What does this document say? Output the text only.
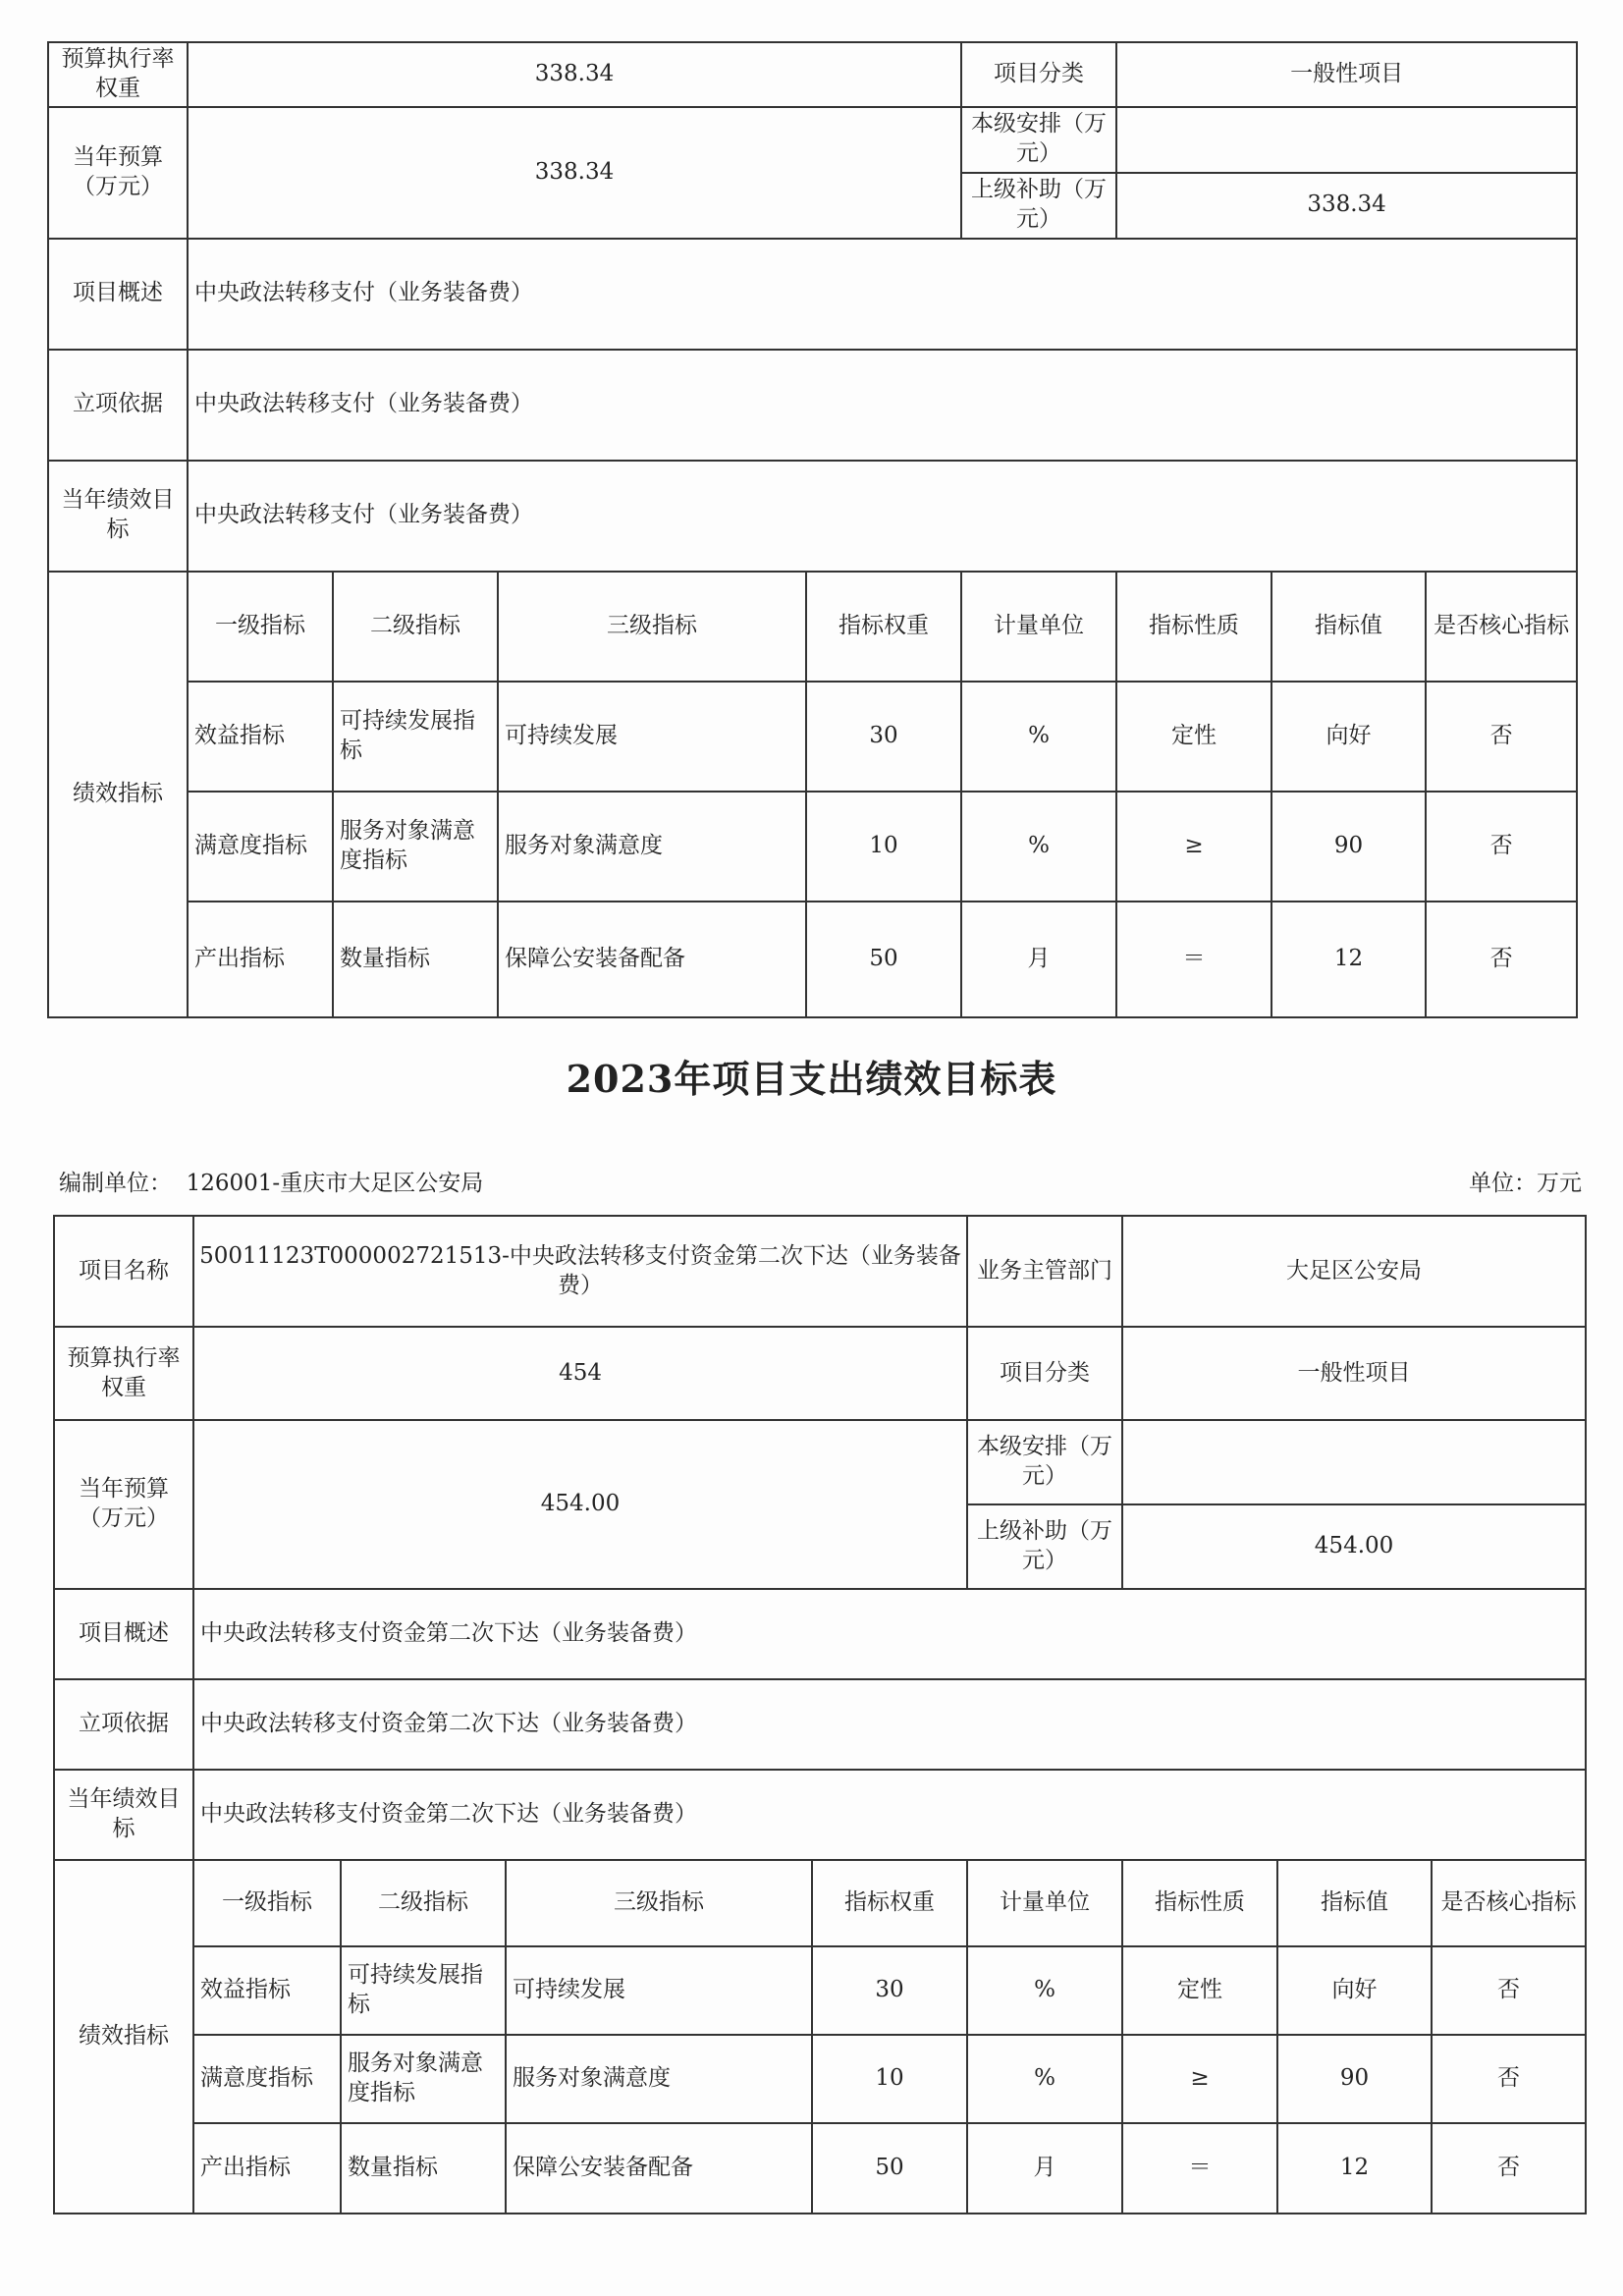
预算执行率权重	338.34				项目分类	一般性项目		
当年预算（万元）	338.34				本级安排（万元）			
					上级补助（万元）	338.34		
项目概述	中央政法转移支付（业务装备费）							
立项依据	中央政法转移支付（业务装备费）							
当年绩效目标	中央政法转移支付（业务装备费）							
绩效指标	一级指标	二级指标	三级指标	指标权重	计量单位	指标性质	指标值	是否核心指标
	效益指标	可持续发展指标	可持续发展	30	%	定性	向好	否
	满意度指标	服务对象满意度指标	服务对象满意度	10	%	≥	90	否
	产出指标	数量指标	保障公安装备配备	50	月	＝	12	否
2023年项目支出绩效目标表
编制单位： 126001-重庆市大足区公安局	单位：万元
项目名称	50011123T000002721513-中央政法转移支付资金第二次下达（业务装备费）				业务主管部门	大足区公安局		
预算执行率权重	454				项目分类	一般性项目		
当年预算（万元）	454.00				本级安排（万元）			
					上级补助（万元）	454.00		
项目概述	中央政法转移支付资金第二次下达（业务装备费）							
立项依据	中央政法转移支付资金第二次下达（业务装备费）							
当年绩效目标	中央政法转移支付资金第二次下达（业务装备费）							
绩效指标	一级指标	二级指标	三级指标	指标权重	计量单位	指标性质	指标值	是否核心指标
	效益指标	可持续发展指标	可持续发展	30	%	定性	向好	否
	满意度指标	服务对象满意度指标	服务对象满意度	10	%	≥	90	否
	产出指标	数量指标	保障公安装备配备	50	月	＝	12	否
